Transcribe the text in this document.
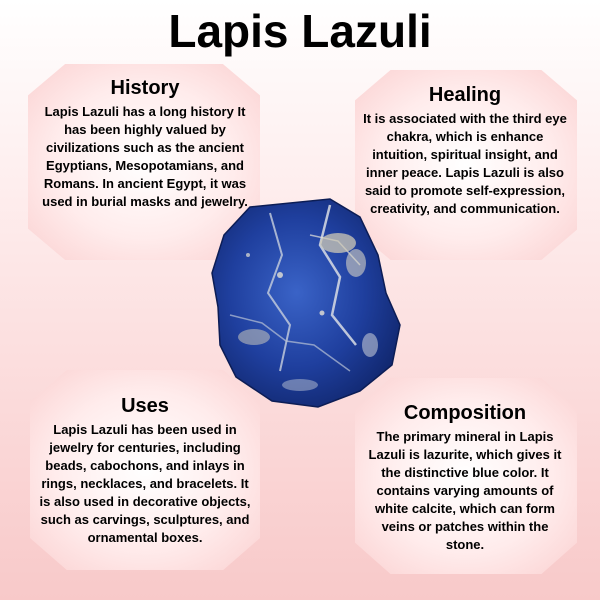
Lapis Lazuli
History

Lapis Lazuli has a long history It has been highly valued by civilizations such as the ancient Egyptians, Mesopotamians, and Romans. In ancient Egypt, it was used in burial masks and jewelry.

Healing

It is associated with the third eye chakra, which is enhance intuition, spiritual insight, and inner peace. Lapis Lazuli is also said to promote self-expression, creativity, and communication.

Uses

Lapis Lazuli has been used in jewelry for centuries, including beads, cabochons, and inlays in rings, necklaces, and bracelets. It is also used in decorative objects, such as carvings, sculptures, and ornamental boxes.

Composition

The primary mineral in Lapis Lazuli is lazurite, which gives it the distinctive blue color. It contains varying amounts of white calcite, which can form veins or patches within the stone.
